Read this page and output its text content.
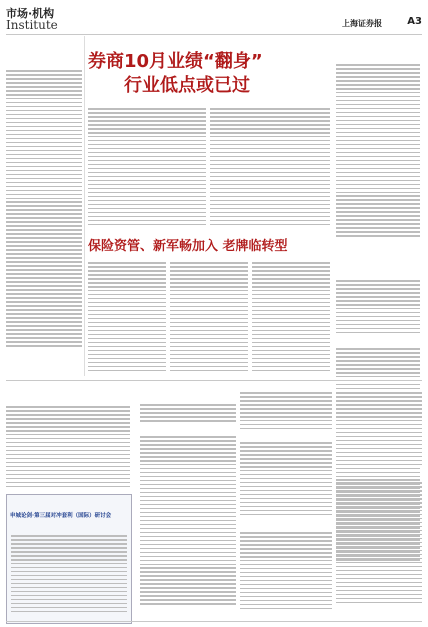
市场·机构
Institute	上海证券报	A3
券商10月业绩“翻身”
行业低点或已过
保险资管、新军畅加入 老牌临转型
申城论剑·第三届对冲套利（国际）研讨会
